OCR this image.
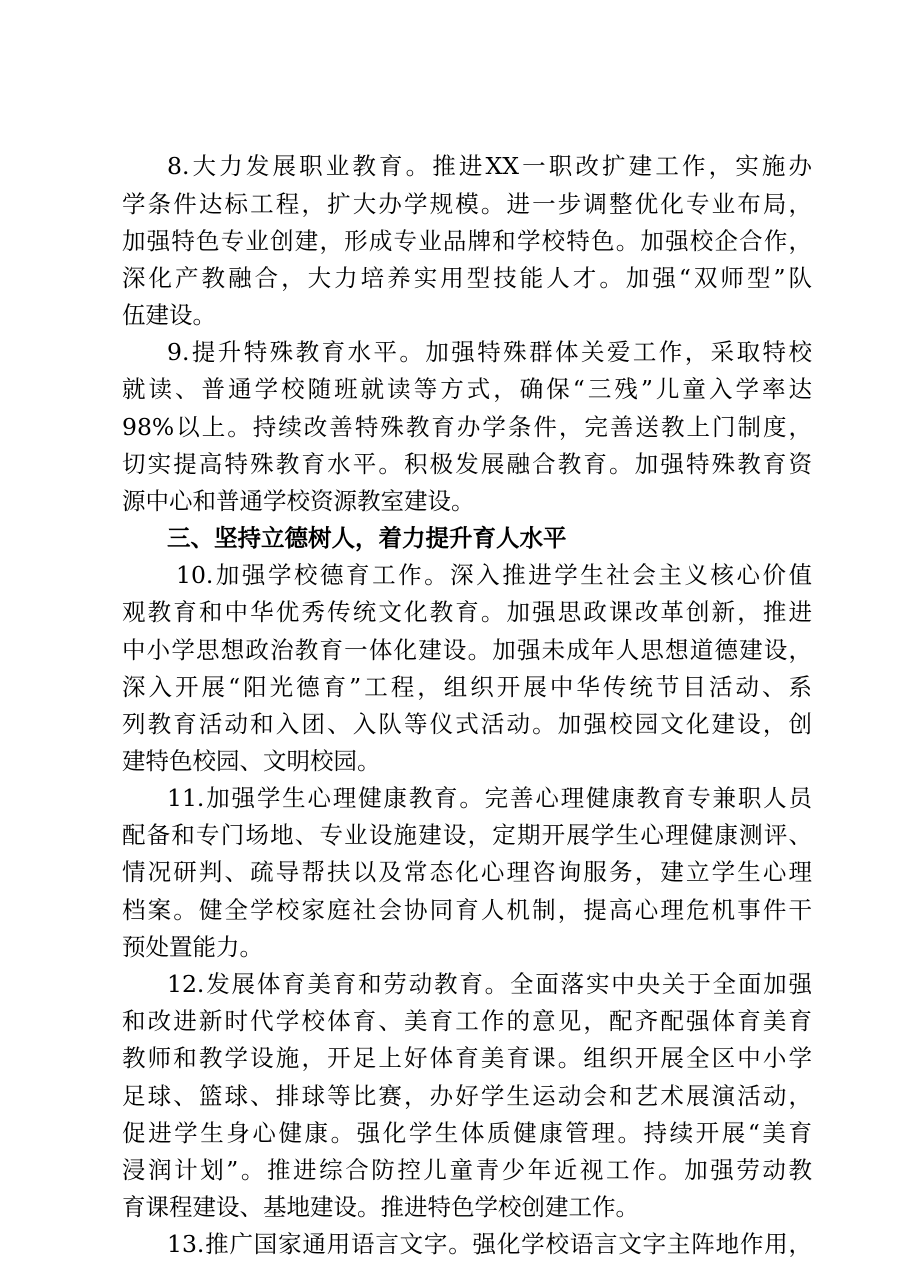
8.大力发展职业教育。推进XX一职改扩建工作，实施办
学条件达标工程，扩大办学规模。进一步调整优化专业布局，
加强特色专业创建，形成专业品牌和学校特色。加强校企合作，
深化产教融合，大力培养实用型技能人才。加强“双师型”队
伍建设。
9.提升特殊教育水平。加强特殊群体关爱工作，采取特校
就读、普通学校随班就读等方式，确保“三残”儿童入学率达
98%以上。持续改善特殊教育办学条件，完善送教上门制度，
切实提高特殊教育水平。积极发展融合教育。加强特殊教育资
源中心和普通学校资源教室建设。
三、坚持立德树人，着力提升育人水平
10.加强学校德育工作。深入推进学生社会主义核心价值
观教育和中华优秀传统文化教育。加强思政课改革创新，推进
中小学思想政治教育一体化建设。加强未成年人思想道德建设，
深入开展“阳光德育”工程，组织开展中华传统节目活动、系
列教育活动和入团、入队等仪式活动。加强校园文化建设，创
建特色校园、文明校园。
11.加强学生心理健康教育。完善心理健康教育专兼职人员
配备和专门场地、专业设施建设，定期开展学生心理健康测评、
情况研判、疏导帮扶以及常态化心理咨询服务，建立学生心理
档案。健全学校家庭社会协同育人机制，提高心理危机事件干
预处置能力。
12.发展体育美育和劳动教育。全面落实中央关于全面加强
和改进新时代学校体育、美育工作的意见，配齐配强体育美育
教师和教学设施，开足上好体育美育课。组织开展全区中小学
足球、篮球、排球等比赛，办好学生运动会和艺术展演活动，
促进学生身心健康。强化学生体质健康管理。持续开展“美育
浸润计划”。推进综合防控儿童青少年近视工作。加强劳动教
育课程建设、基地建设。推进特色学校创建工作。
13.推广国家通用语言文字。强化学校语言文字主阵地作用，
